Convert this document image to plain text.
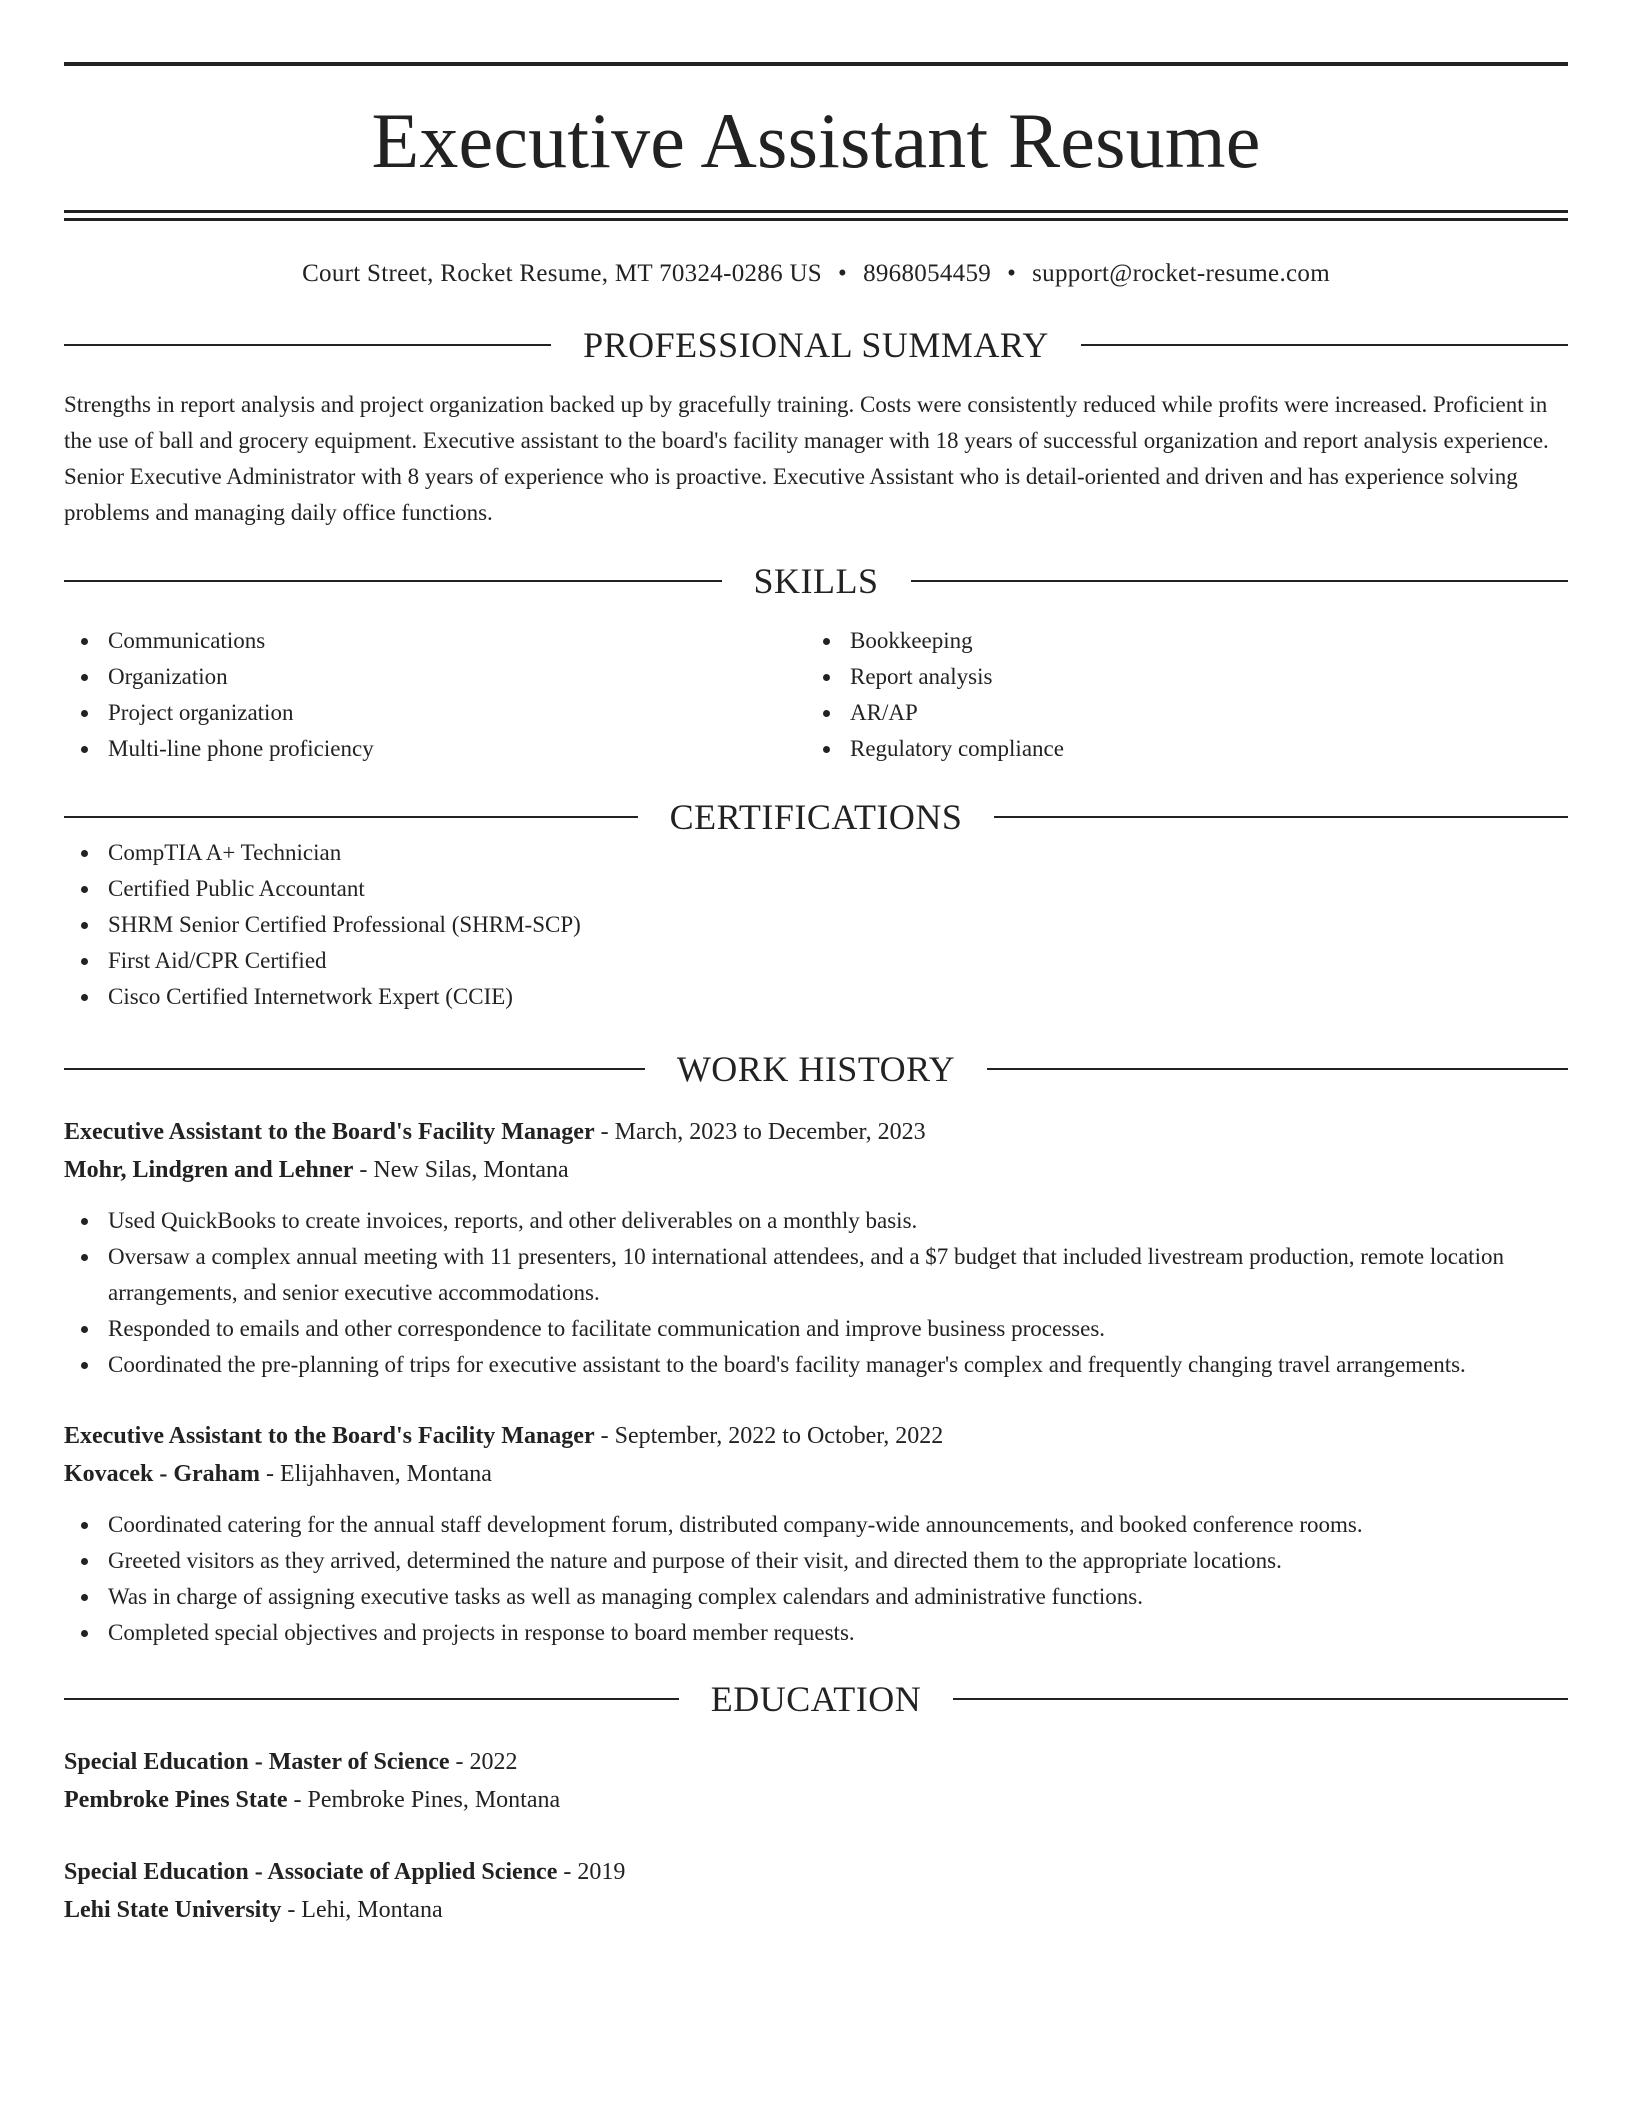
Executive Assistant Resume
Court Street, Rocket Resume, MT 70324-0286 US • 8968054459 • support@rocket-resume.com
PROFESSIONAL SUMMARY

Strengths in report analysis and project organization backed up by gracefully training. Costs were consistently reduced while profits were increased. Proficient in the use of ball and grocery equipment. Executive assistant to the board's facility manager with 18 years of successful organization and report analysis experience. Senior Executive Administrator with 8 years of experience who is proactive. Executive Assistant who is detail-oriented and driven and has experience solving problems and managing daily office functions.

SKILLS
Communications
Organization
Project organization
Multi-line phone proficiency
Bookkeeping
Report analysis
AR/AP
Regulatory compliance
CERTIFICATIONS
CompTIA A+ Technician
Certified Public Accountant
SHRM Senior Certified Professional (SHRM-SCP)
First Aid/CPR Certified
Cisco Certified Internetwork Expert (CCIE)
WORK HISTORY
Executive Assistant to the Board's Facility Manager - March, 2023 to December, 2023
Mohr, Lindgren and Lehner - New Silas, Montana
Used QuickBooks to create invoices, reports, and other deliverables on a monthly basis.
Oversaw a complex annual meeting with 11 presenters, 10 international attendees, and a $7 budget that included livestream production, remote location arrangements, and senior executive accommodations.
Responded to emails and other correspondence to facilitate communication and improve business processes.
Coordinated the pre-planning of trips for executive assistant to the board's facility manager's complex and frequently changing travel arrangements.
Executive Assistant to the Board's Facility Manager - September, 2022 to October, 2022
Kovacek - Graham - Elijahhaven, Montana
Coordinated catering for the annual staff development forum, distributed company-wide announcements, and booked conference rooms.
Greeted visitors as they arrived, determined the nature and purpose of their visit, and directed them to the appropriate locations.
Was in charge of assigning executive tasks as well as managing complex calendars and administrative functions.
Completed special objectives and projects in response to board member requests.
EDUCATION
Special Education - Master of Science - 2022
Pembroke Pines State - Pembroke Pines, Montana
Special Education - Associate of Applied Science - 2019
Lehi State University - Lehi, Montana
